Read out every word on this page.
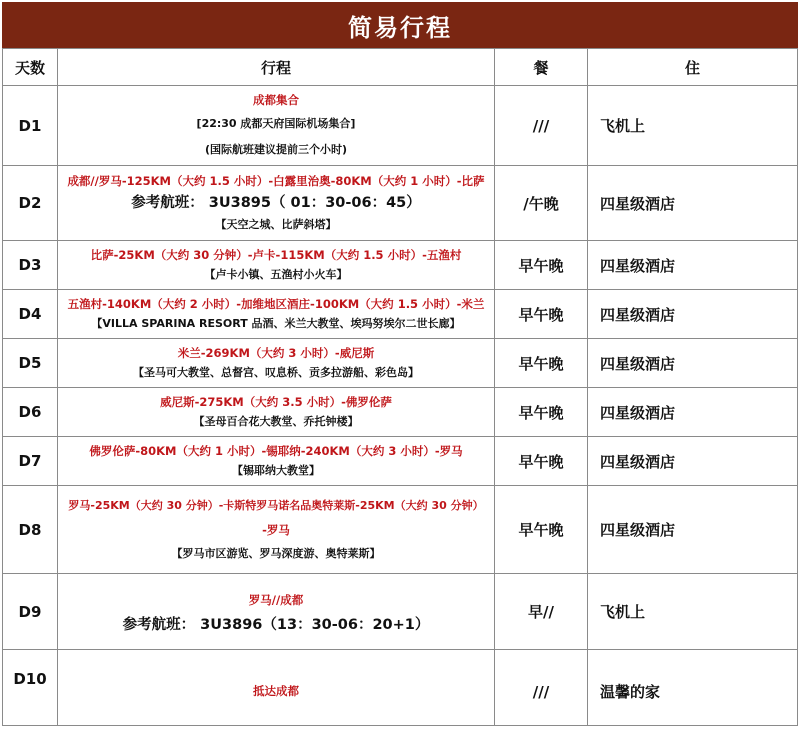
简易行程
天数	行程	餐	住
D1	成都集合
[22:30 成都天府国际机场集合]
(国际航班建议提前三个小时)	///	飞机上
D2	成都//罗马-125KM（大约 1.5 小时）-白露里治奥-80KM（大约 1 小时）-比萨
参考航班： 3U3895（ 01：30-06：45）
【天空之城、比萨斜塔】	/午晚	四星级酒店
D3	比萨-25KM（大约 30 分钟）-卢卡-115KM（大约 1.5 小时）-五渔村
【卢卡小镇、五渔村小火车】	早午晚	四星级酒店
D4	五渔村-140KM（大约 2 小时）-加维地区酒庄-100KM（大约 1.5 小时）-米兰
【VILLA SPARINA RESORT 品酒、米兰大教堂、埃玛努埃尔二世长廊】	早午晚	四星级酒店
D5	米兰-269KM（大约 3 小时）-威尼斯
【圣马可大教堂、总督宫、叹息桥、贡多拉游船、彩色岛】	早午晚	四星级酒店
D6	威尼斯-275KM（大约 3.5 小时）-佛罗伦萨
【圣母百合花大教堂、乔托钟楼】	早午晚	四星级酒店
D7	佛罗伦萨-80KM（大约 1 小时）-锡耶纳-240KM（大约 3 小时）-罗马
【锡耶纳大教堂】	早午晚	四星级酒店
D8	罗马-25KM（大约 30 分钟）-卡斯特罗马诺名品奥特莱斯-25KM（大约 30 分钟）
-罗马
【罗马市区游览、罗马深度游、奥特莱斯】	早午晚	四星级酒店
D9	罗马//成都
参考航班： 3U3896（13：30-06：20+1）	早//	飞机上
D10	抵达成都	///	温馨的家
